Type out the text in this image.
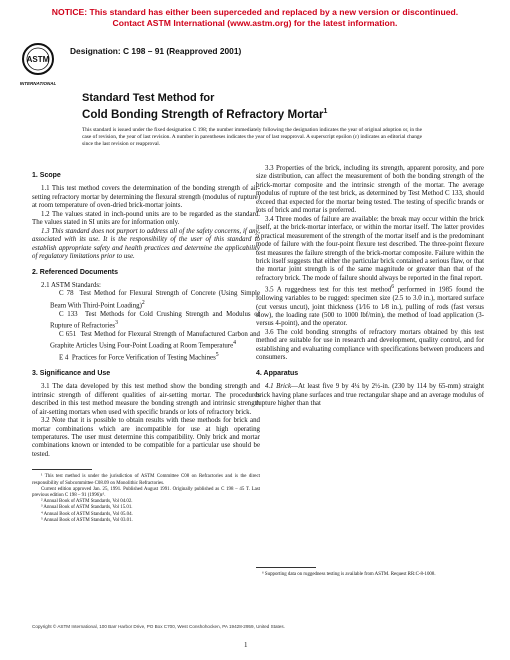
NOTICE: This standard has either been superceded and replaced by a new version or discontinued.
Contact ASTM International (www.astm.org) for the latest information.
ASTM
INTERNATIONAL
Designation: C 198 – 91 (Reapproved 2001)
Standard Test Method for
Cold Bonding Strength of Refractory Mortar$^1$
This standard is issued under the fixed designation C 198; the number immediately following the designation indicates the year of original adoption or, in the case of revision, the year of last revision. A number in parentheses indicates the year of last reapproval. A superscript epsilon (ε) indicates an editorial change since the last revision or reapproval.
1. Scope

1.1 This test method covers the determination of the bonding strength of air-setting refractory mortar by determining the flexural strength (modulus of rupture) at room temperature of oven-dried brick-mortar joints.

1.2 The values stated in inch-pound units are to be regarded as the standard. The values stated in SI units are for information only.

1.3 This standard does not purport to address all of the safety concerns, if any, associated with its use. It is the responsibility of the user of this standard to establish appropriate safety and health practices and determine the applicability of regulatory limitations prior to use.

2. Referenced Documents

2.1 ASTM Standards:

C 78 Test Method for Flexural Strength of Concrete (Using Simple Beam With Third-Point Loading)$^2$

C 133 Test Methods for Cold Crushing Strength and Modulus of Rupture of Refractories$^3$

C 651 Test Method for Flexural Strength of Manufactured Carbon and Graphite Articles Using Four-Point Loading at Room Temperature$^4$

E 4 Practices for Force Verification of Testing Machines$^5$

3. Significance and Use

3.1 The data developed by this test method show the bonding strength and intrinsic strength of different qualities of air-setting mortar. The procedures described in this test method measure the bonding strength and intrinsic strength of air-setting mortars when used with specific brands or lots of refractory brick.

3.2 Note that it is possible to obtain results with these methods for brick and mortar combinations which are incompatible for use at high operating temperatures. The user must determine this compatibility. Only brick and mortar combinations known or intended to be compatible for a particular use should be tested.

¹ This test method is under the jurisdiction of ASTM Committee C08 on Refractories and is the direct responsibility of Subcommittee C08.09 on Monolithic Refractories.

Current edition approved Jan. 25, 1991. Published August 1991. Originally published as C 198 – 45 T. Last previous edition C 198 – 91 (1996)ε¹.

² Annual Book of ASTM Standards, Vol 04.02.

³ Annual Book of ASTM Standards, Vol 15.01.

⁴ Annual Book of ASTM Standards, Vol 05.04.

⁵ Annual Book of ASTM Standards, Vol 03.01.

3.3 Properties of the brick, including its strength, apparent porosity, and pore size distribution, can affect the measurement of both the bonding strength of the brick-mortar composite and the intrinsic strength of the mortar. The average modulus of rupture of the test brick, as determined by Test Method C 133, should exceed that expected for the mortar being tested. The testing of specific brands or lots of brick and mortar is preferred.

3.4 Three modes of failure are available: the break may occur within the brick itself, at the brick-mortar interface, or within the mortar itself. The latter provides a practical measurement of the strength of the mortar itself and is the predominant mode of failure with the four-point flexure test described. The three-point flexure test measures the failure strength of the brick-mortar composite. Failure within the brick itself suggests that either the particular brick contained a serious flaw, or that the mortar joint strength is of the same magnitude or greater than that of the refractory brick. The mode of failure should always be reported in the final report.

3.5 A ruggedness test for this test method$^6$ performed in 1985 found the following variables to be rugged: specimen size (2.5 to 3.0 in.), mortared surface (cut versus uncut), joint thickness (1⁄16 to 1⁄8 in.), pulling of rods (fast versus slow), the loading rate (500 to 1000 lbf/min), the method of load application (3- versus 4-point), and the operator.

3.6 The cold bonding strengths of refractory mortars obtained by this test method are suitable for use in research and development, quality control, and for establishing and evaluating compliance with specifications between producers and consumers.

4. Apparatus

4.1 Brick—At least five 9 by 4¼ by 2½-in. (230 by 114 by 65-mm) straight brick having plane surfaces and true rectangular shape and an average modulus of rupture higher than that

⁶ Supporting data on ruggedness testing is available from ASTM. Request RR:C-8-1008.

Copyright © ASTM International, 100 Barr Harbor Drive, PO Box C700, West Conshohocken, PA 19428-2959, United States.
1
